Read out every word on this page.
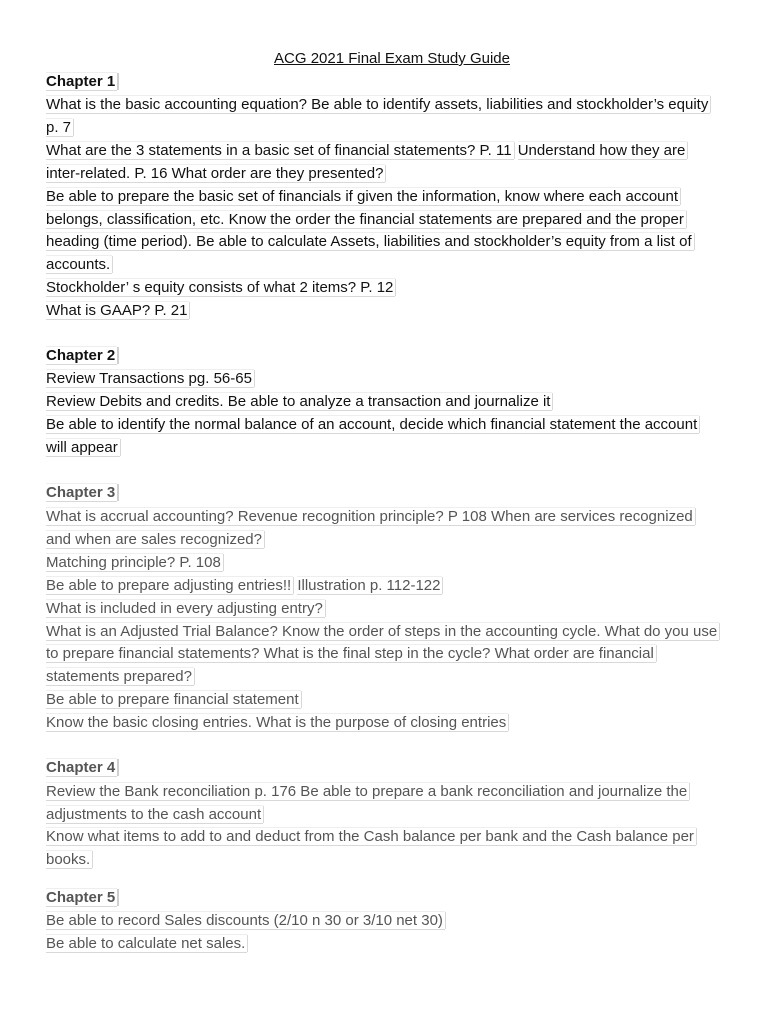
ACG 2021 Final Exam Study Guide
Chapter 1
What is the basic accounting equation? Be able to identify assets, liabilities and stockholder’s equity
p. 7
What are the 3 statements in a basic set of financial statements? P. 11 Understand how they are
inter-related. P. 16 What order are they presented?
Be able to prepare the basic set of financials if given the information, know where each account
belongs, classification, etc. Know the order the financial statements are prepared and the proper
heading (time period). Be able to calculate Assets, liabilities and stockholder’s equity from a list of
accounts.
Stockholder’ s equity consists of what 2 items? P. 12
What is GAAP? P. 21
Chapter 2
Review Transactions pg. 56-65
Review Debits and credits. Be able to analyze a transaction and journalize it
Be able to identify the normal balance of an account, decide which financial statement the account
will appear
Chapter 3
What is accrual accounting? Revenue recognition principle? P 108 When are services recognized
and when are sales recognized?
Matching principle? P. 108
Be able to prepare adjusting entries!! Illustration p. 112-122
What is included in every adjusting entry?
What is an Adjusted Trial Balance? Know the order of steps in the accounting cycle. What do you use
to prepare financial statements? What is the final step in the cycle? What order are financial
statements prepared?
Be able to prepare financial statement
Know the basic closing entries. What is the purpose of closing entries
Chapter 4
Review the Bank reconciliation p. 176 Be able to prepare a bank reconciliation and journalize the
adjustments to the cash account
Know what items to add to and deduct from the Cash balance per bank and the Cash balance per
books.
Chapter 5
Be able to record Sales discounts (2/10 n 30 or 3/10 net 30)
Be able to calculate net sales.
